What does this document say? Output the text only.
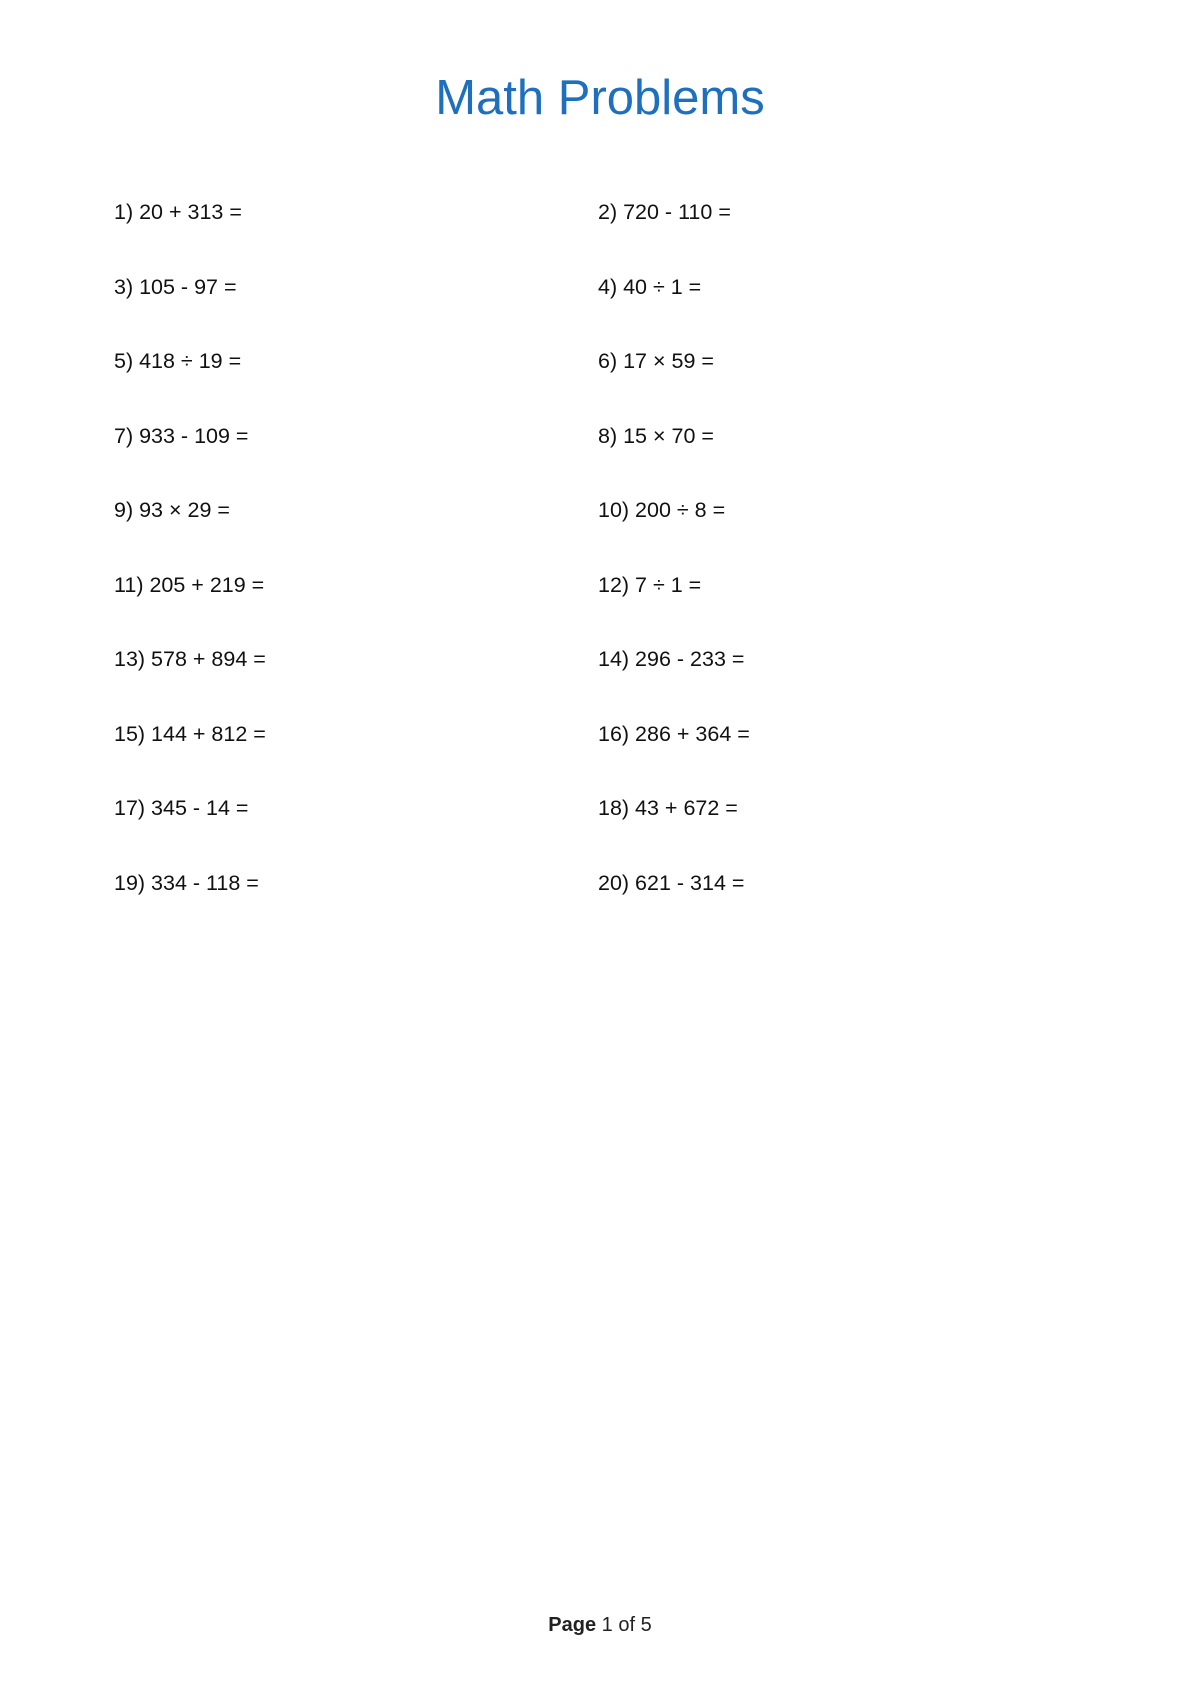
Math Problems
1) 20 + 313 =	2) 720 - 110 =
3) 105 - 97 =	4) 40 ÷ 1 =
5) 418 ÷ 19 =	6) 17 × 59 =
7) 933 - 109 =	8) 15 × 70 =
9) 93 × 29 =	10) 200 ÷ 8 =
11) 205 + 219 =	12) 7 ÷ 1 =
13) 578 + 894 =	14) 296 - 233 =
15) 144 + 812 =	16) 286 + 364 =
17) 345 - 14 =	18) 43 + 672 =
19) 334 - 118 =	20) 621 - 314 =
Page 1 of 5
